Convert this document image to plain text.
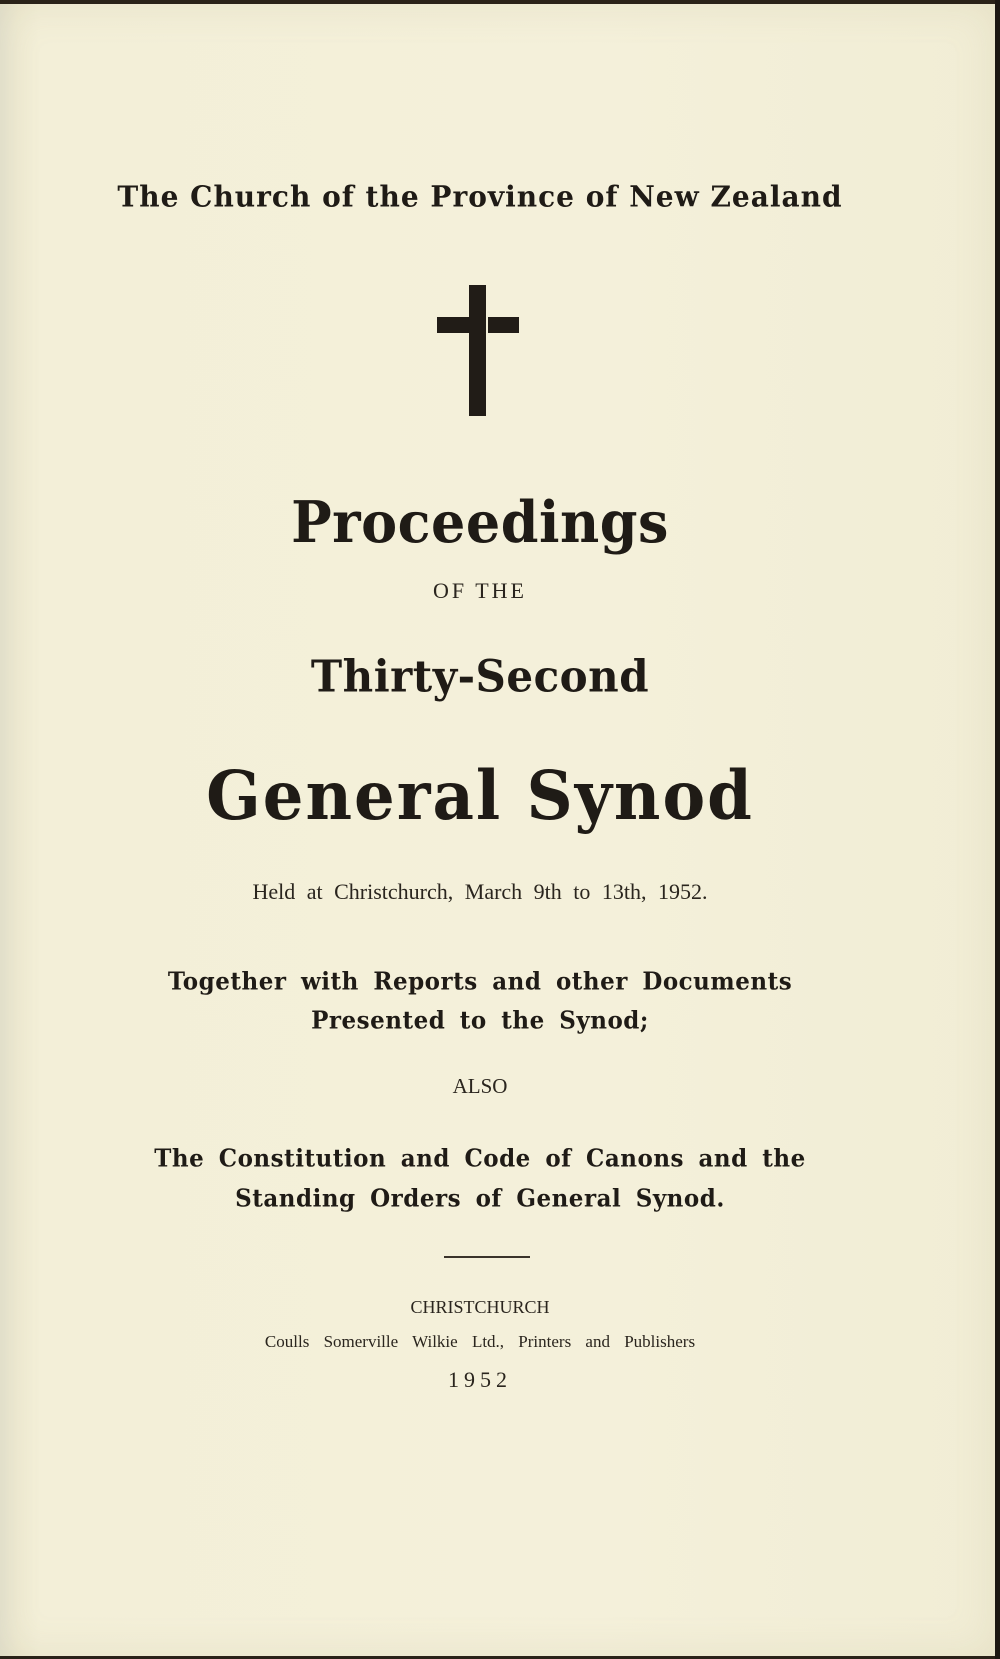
The Church of the Province of New Zealand
Proceedings
OF THE
Thirty-Second
General Synod
Held at Christchurch, March 9th to 13th, 1952.
Together with Reports and other Documents
Presented to the Synod;
ALSO
The Constitution and Code of Canons and the
Standing Orders of General Synod.
CHRISTCHURCH
Coulls Somerville Wilkie Ltd., Printers and Publishers
1952
